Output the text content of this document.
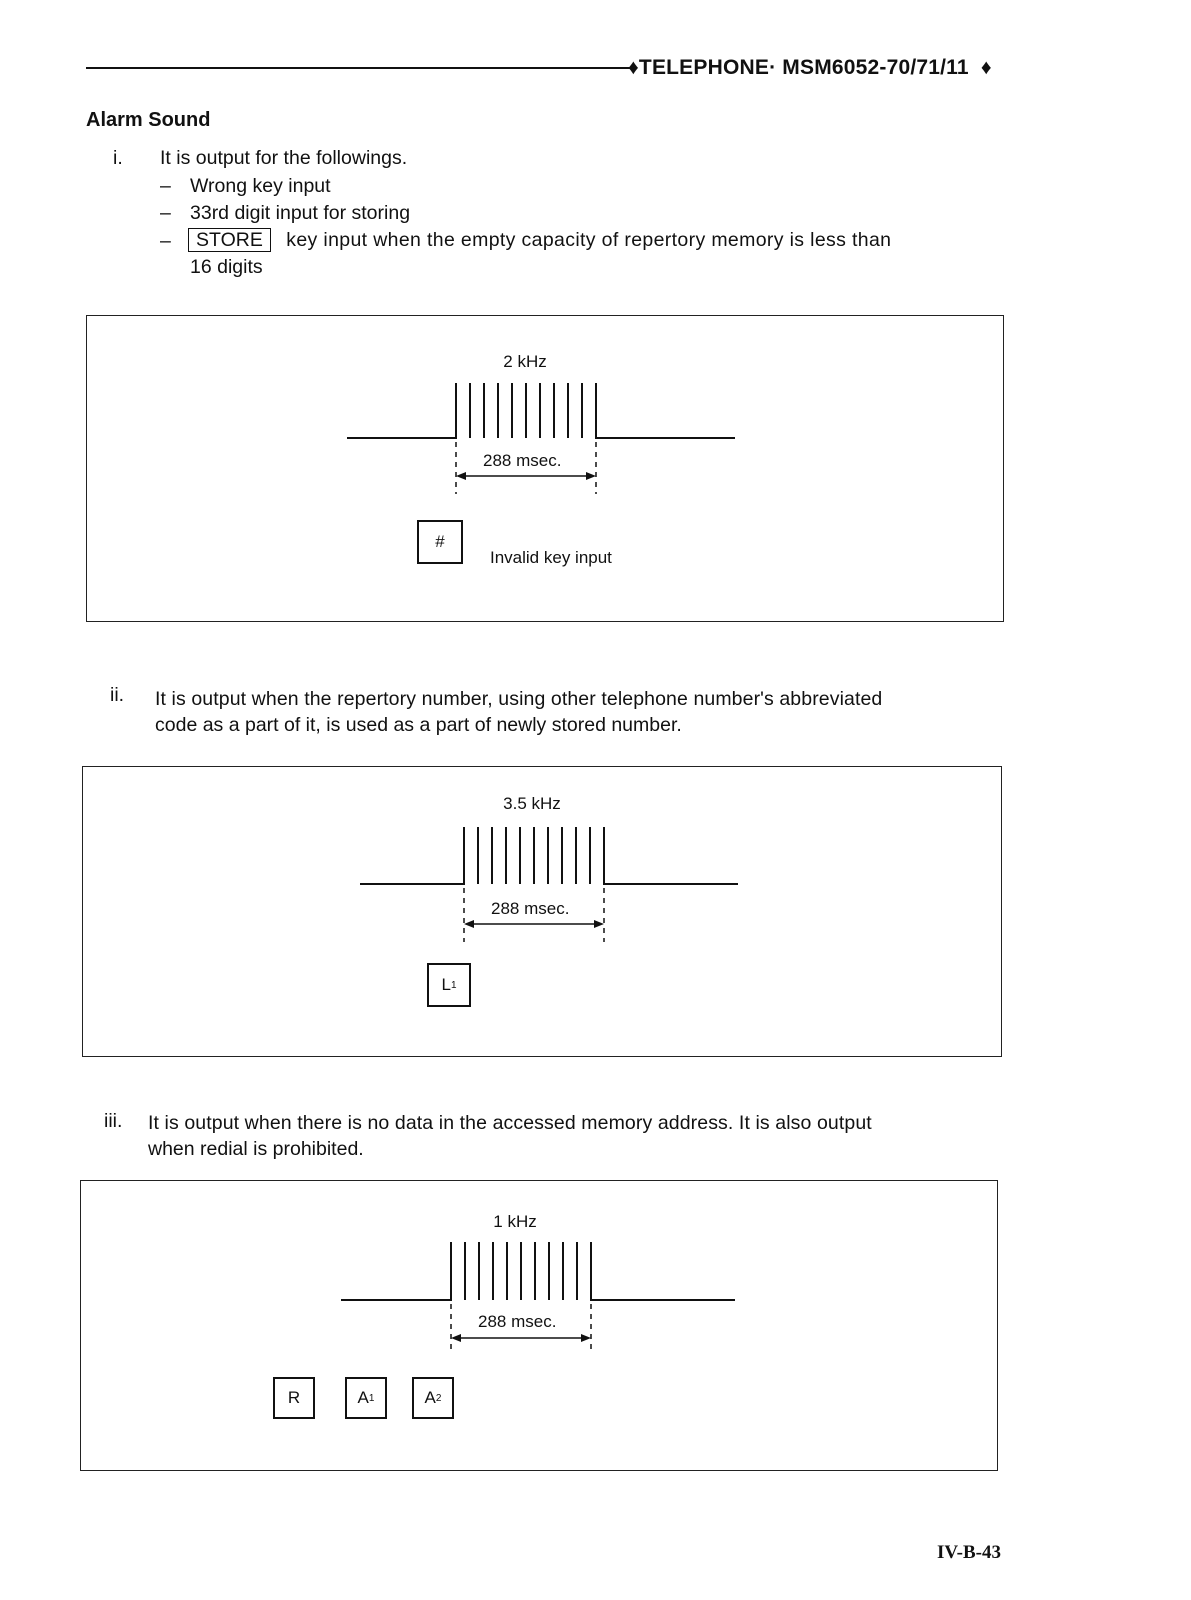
♦TELEPHONE· MSM6052-70/71/11 ♦
Alarm Sound
i. It is output for the followings.
– Wrong key input
– 33rd digit input for storing
–	STORE key input when the empty capacity of repertory memory is less than
16 digits
2 kHz
288 msec.
#
Invalid key input
ii. It is output when the repertory number, using other telephone number's abbreviated
code as a part of it, is used as a part of newly stored number.
3.5 kHz
288 msec.
L 1
iii. It is output when there is no data in the accessed memory address. It is also output
when redial is prohibited.
1 kHz
288 msec.
R	A 1	A 2
IV-B-43
